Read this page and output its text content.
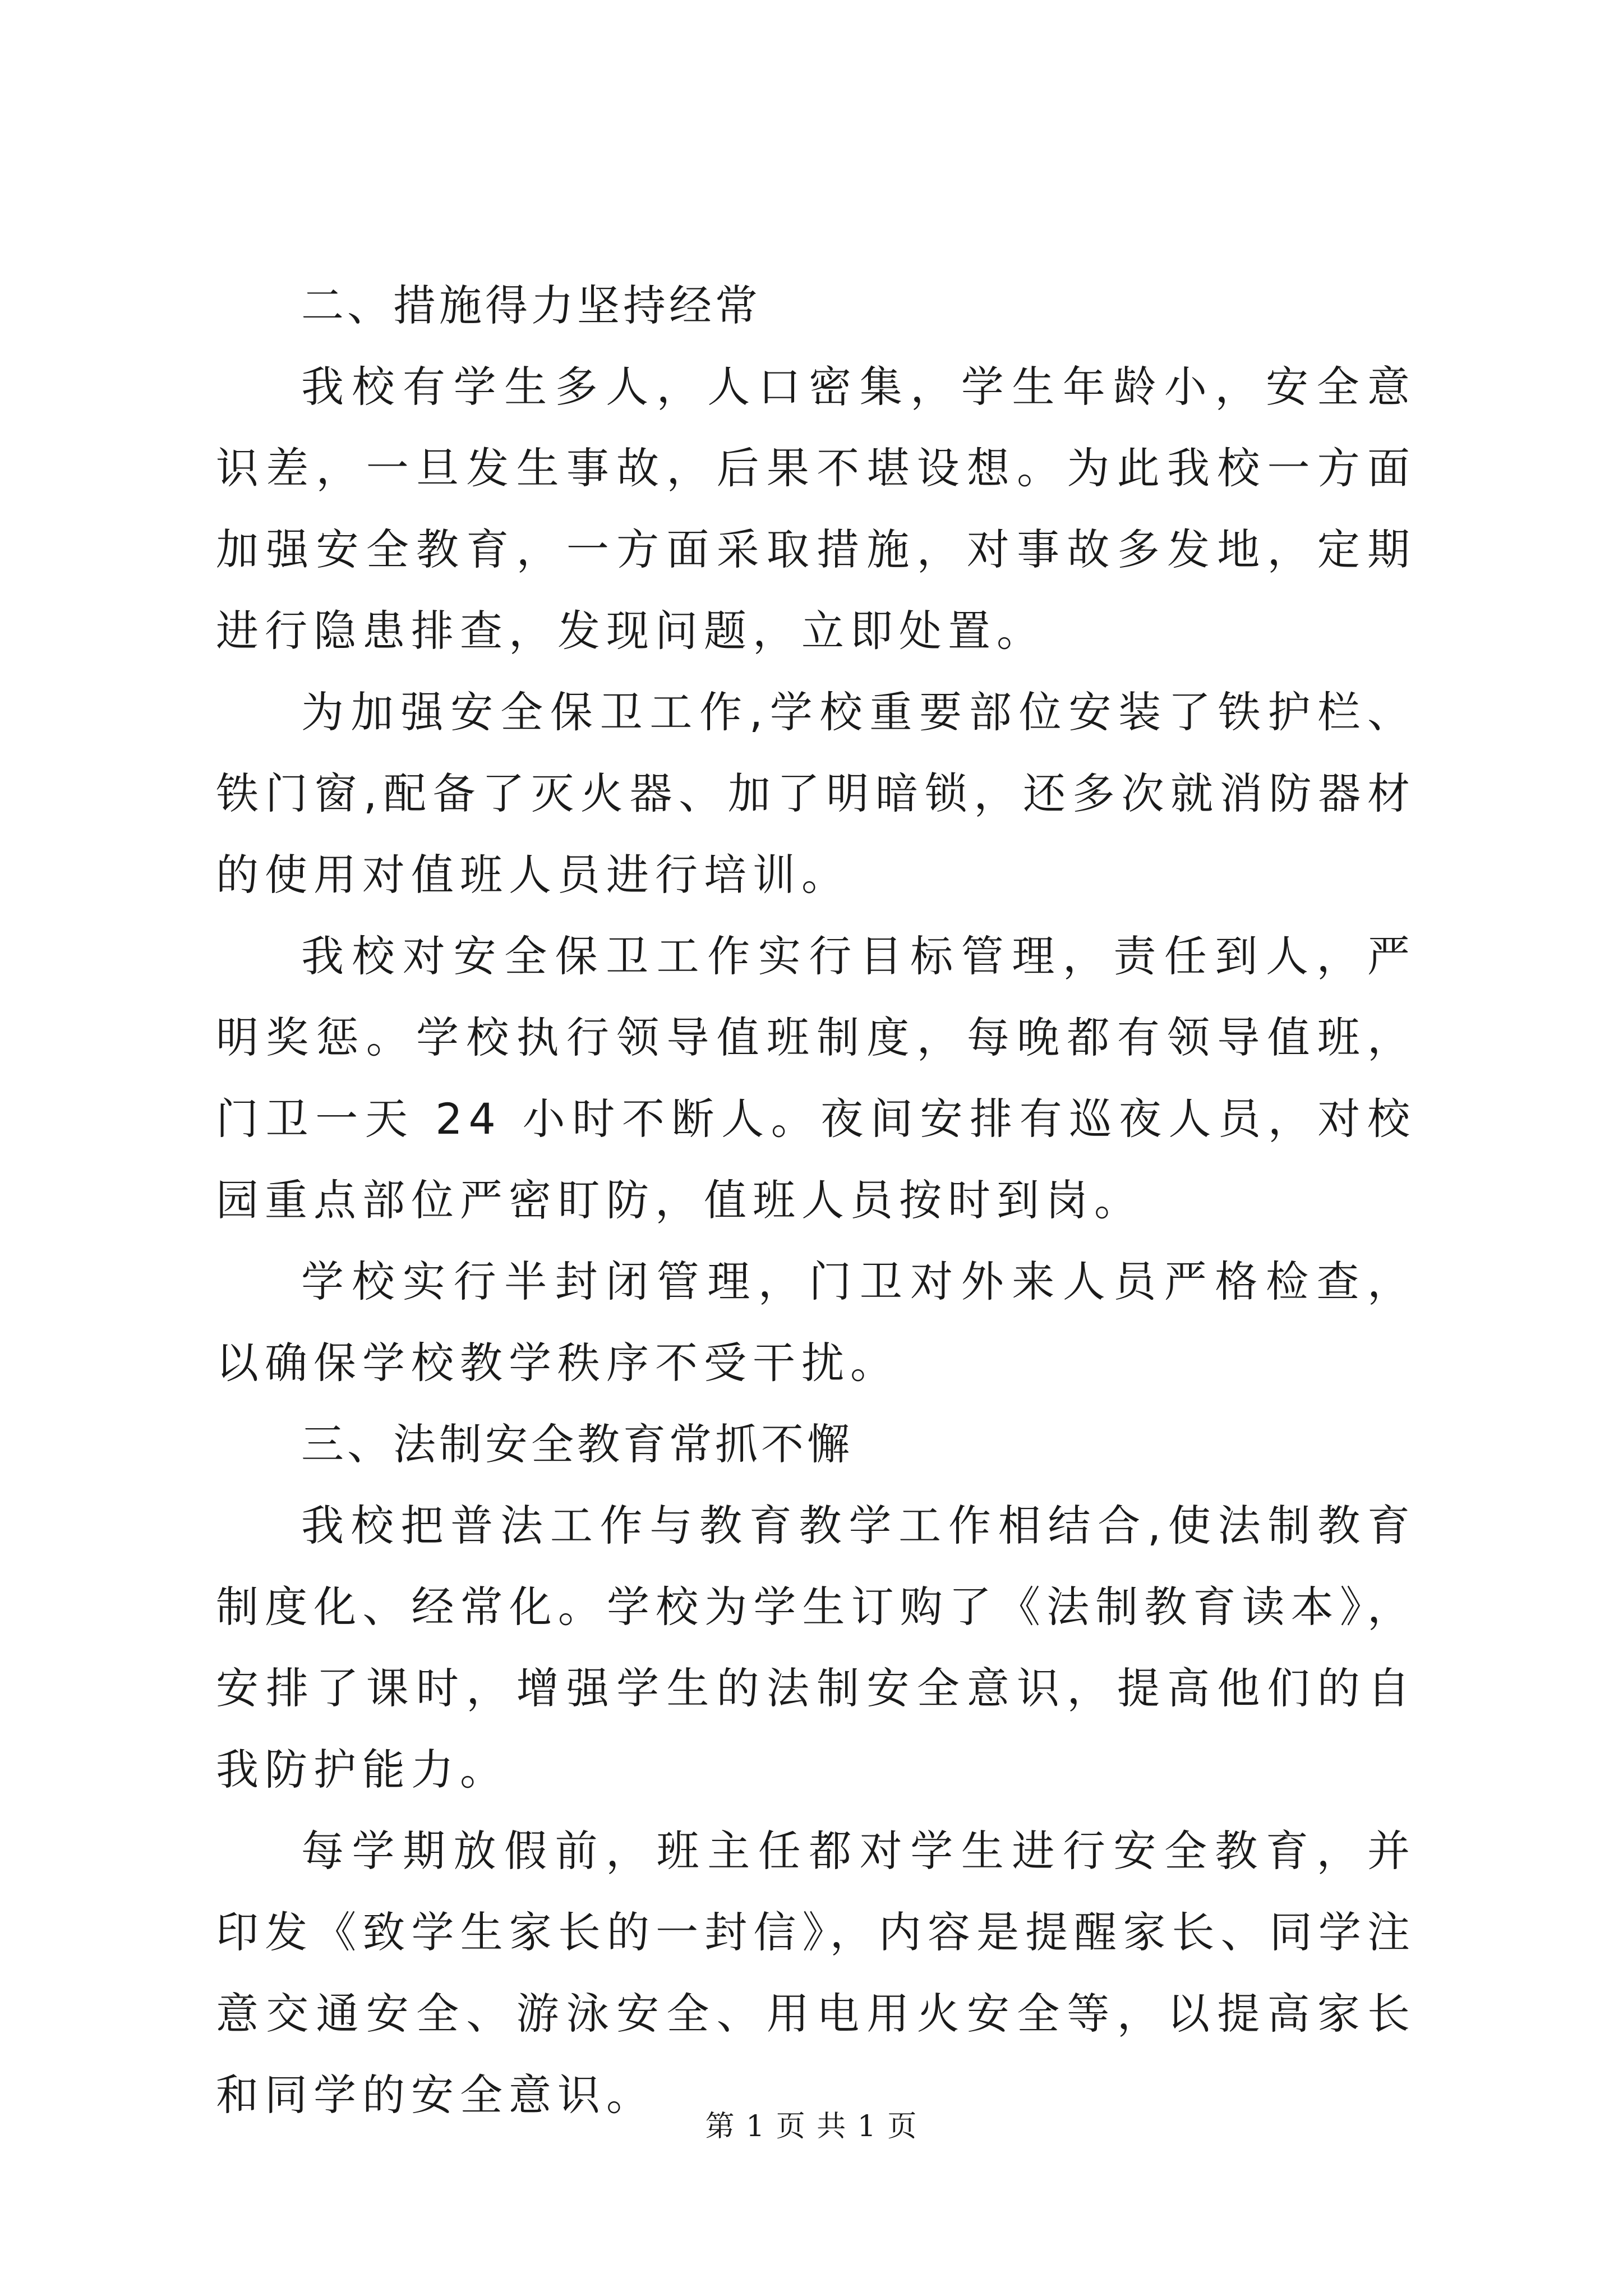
二、措施得力坚持经常

我校有学生多人，人口密集，学生年龄小，安全意识差，一旦发生事故，后果不堪设想。为此我校一方面加强安全教育，一方面采取措施，对事故多发地，定期进行隐患排查，发现问题，立即处置。

为加强安全保卫工作,学校重要部位安装了铁护栏、铁门窗,配备了灭火器、加了明暗锁，还多次就消防器材的使用对值班人员进行培训。

我校对安全保卫工作实行目标管理，责任到人，严明奖惩。学校执行领导值班制度，每晚都有领导值班，门卫一天 24 小时不断人。夜间安排有巡夜人员，对校园重点部位严密盯防，值班人员按时到岗。

学校实行半封闭管理，门卫对外来人员严格检查，以确保学校教学秩序不受干扰。

三、法制安全教育常抓不懈

我校把普法工作与教育教学工作相结合,使法制教育制度化、经常化。学校为学生订购了《法制教育读本》，安排了课时，增强学生的法制安全意识，提高他们的自我防护能力。

每学期放假前，班主任都对学生进行安全教育，并印发《致学生家长的一封信》，内容是提醒家长、同学注意交通安全、游泳安全、用电用火安全等，以提高家长和同学的安全意识。

第 1 页 共 1 页
